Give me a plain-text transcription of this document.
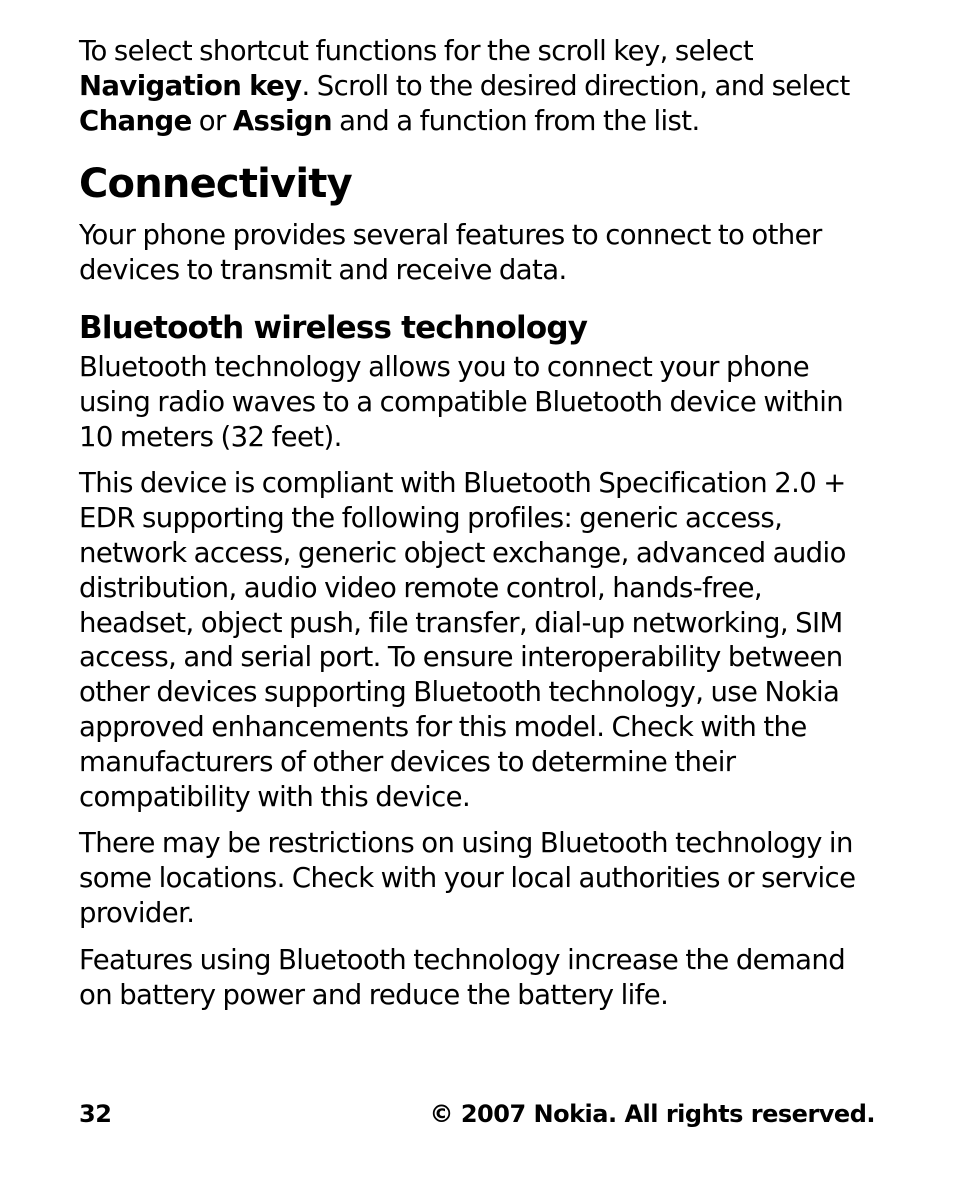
To select shortcut functions for the scroll key, select Navigation key. Scroll to the desired direction, and select Change or Assign and a function from the list.

Connectivity

Your phone provides several features to connect to other devices to transmit and receive data.

Bluetooth wireless technology

Bluetooth technology allows you to connect your phone using radio waves to a compatible Bluetooth device within 10 meters (32 feet).

This device is compliant with Bluetooth Specification 2.0 + EDR supporting the following profiles: generic access, network access, generic object exchange, advanced audio distribution, audio video remote control, hands-free, headset, object push, file transfer, dial-up networking, SIM access, and serial port. To ensure interoperability between other devices supporting Bluetooth technology, use Nokia approved enhancements for this model. Check with the manufacturers of other devices to determine their compatibility with this device.

There may be restrictions on using Bluetooth technology in some locations. Check with your local authorities or service provider.

Features using Bluetooth technology increase the demand on battery power and reduce the battery life.

32	© 2007 Nokia. All rights reserved.
